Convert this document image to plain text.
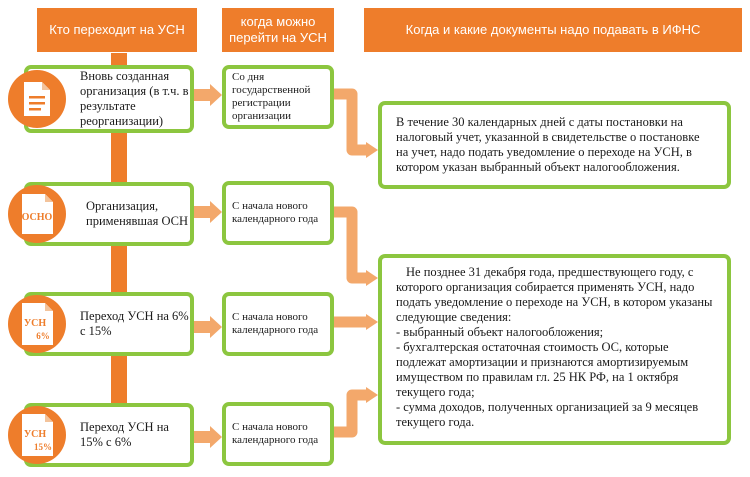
Кто переходит на УСН
когда можно перейти на УСН
Когда и какие документы надо подавать в ИФНС
Вновь созданная организация (в т.ч. в результате реорганизации)
Со дня государственной регистрации организации
Организация, применявшая ОСН
ОСНО
С начала нового календарного года
Переход УСН на 6% с 15%
УСН
6%
С начала нового календарного года
Переход УСН на 15% с 6%
УСН
15%
С начала нового календарного года
В течение 30 календарных дней с даты постановки на налоговый учет, указанной в свидетельстве о постановке на учет, надо подать уведомление о переходе на УСН, в котором указан выбранный объект налогообложения.
Не позднее 31 декабря года, предшествующего году, с которого организация собирается применять УСН, надо подать уведомление о переходе на УСН, в котором указаны следующие сведения:
- выбранный объект налогообложения;
- бухгалтерская остаточная стоимость ОС, которые подлежат амортизации и признаются амортизируемым имуществом по правилам гл. 25 НК РФ, на 1 октября текущего года;
- сумма доходов, полученных организацией за 9 месяцев текущего года.
